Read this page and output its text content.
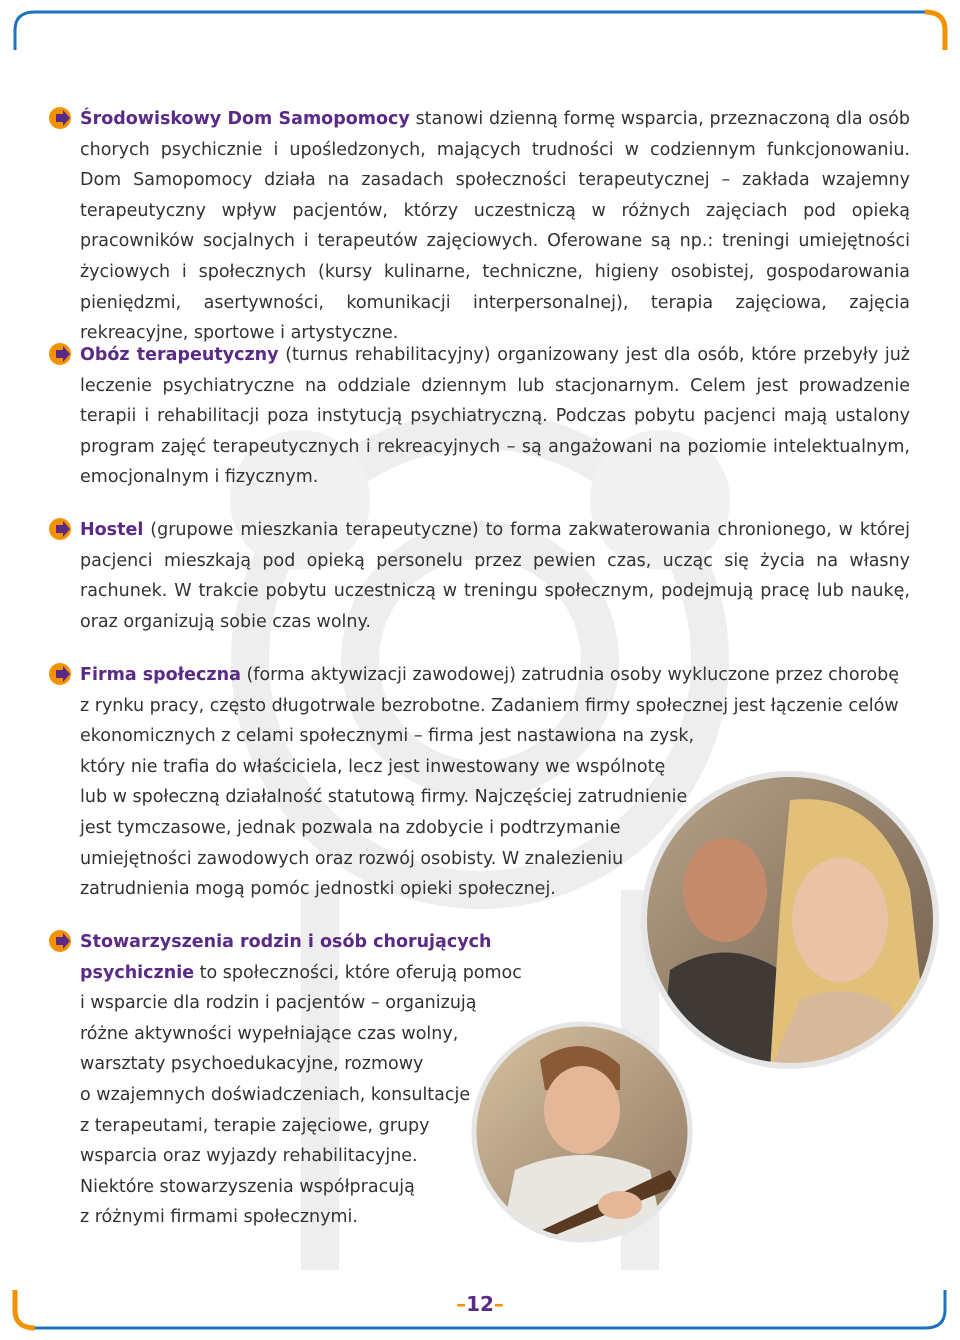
Środowiskowy Dom Samopomocy stanowi dzienną formę wsparcia, przeznaczoną dla osób chorych psychicznie i upośledzonych, mających trudności w codziennym funkcjonowaniu. Dom Samopomocy działa na zasadach społeczności terapeutycznej – zakłada wzajemny terapeutyczny wpływ pacjentów, którzy uczestniczą w różnych zajęciach pod opieką pracowników socjalnych i terapeutów zajęciowych. Oferowane są np.: treningi umiejętności życiowych i społecznych (kursy kulinarne, techniczne, higieny osobistej, gospodarowania pieniędzmi, asertywności, komunikacji interpersonalnej), terapia zajęciowa, zajęcia rekreacyjne, sportowe i artystyczne.

Obóz terapeutyczny (turnus rehabilitacyjny) organizowany jest dla osób, które przebyły już leczenie psychiatryczne na oddziale dziennym lub stacjonarnym. Celem jest prowadzenie terapii i rehabilitacji poza instytucją psychiatryczną. Podczas pobytu pacjenci mają ustalony program zajęć terapeutycznych i rekreacyjnych – są angażowani na poziomie intelektualnym, emocjonalnym i fizycznym.

Hostel (grupowe mieszkania terapeutyczne) to forma zakwaterowania chronionego, w której pacjenci mieszkają pod opieką personelu przez pewien czas, ucząc się życia na własny rachunek. W trakcie pobytu uczestniczą w treningu społecznym, podejmują pracę lub naukę, oraz organizują sobie czas wolny.

Firma społeczna (forma aktywizacji zawodowej) zatrudnia osoby wykluczone przez chorobę
z rynku pracy, często długotrwale bezrobotne. Zadaniem firmy społecznej jest łączenie celów
ekonomicznych z celami społecznymi – firma jest nastawiona na zysk,
który nie trafia do właściciela, lecz jest inwestowany we wspólnotę
lub w społeczną działalność statutową firmy. Najczęściej zatrudnienie
jest tymczasowe, jednak pozwala na zdobycie i podtrzymanie
umiejętności zawodowych oraz rozwój osobisty. W znalezieniu
zatrudnienia mogą pomóc jednostki opieki społecznej.

Stowarzyszenia rodzin i osób chorujących
psychicznie to społeczności, które oferują pomoc
i wsparcie dla rodzin i pacjentów – organizują
różne aktywności wypełniające czas wolny,
warsztaty psychoedukacyjne, rozmowy
o wzajemnych doświadczeniach, konsultacje
z terapeutami, terapie zajęciowe, grupy
wsparcia oraz wyjazdy rehabilitacyjne.
Niektóre stowarzyszenia współpracują
z różnymi firmami społecznymi.

–12–
